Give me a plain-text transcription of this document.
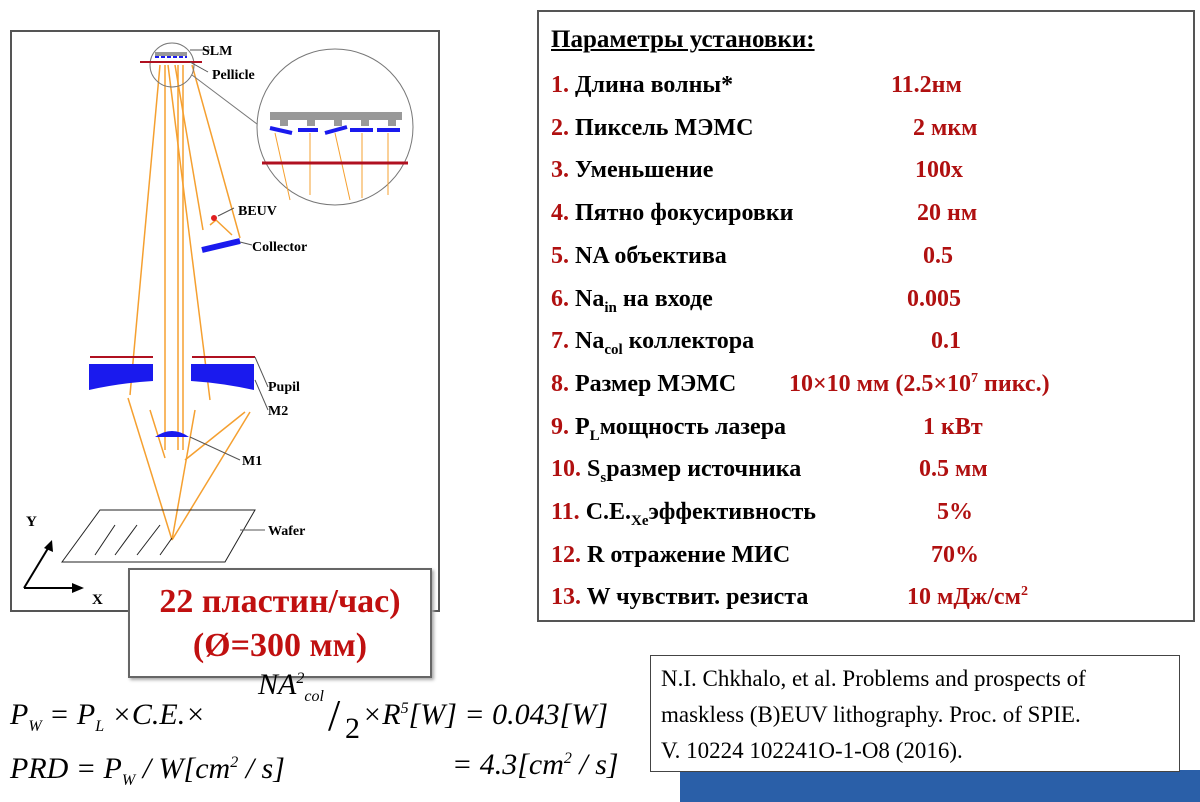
SLM
Pellicle
BEUV
Collector
Pupil
M2
M1
Wafer
Y
X
Параметры установки:
1. Длина волны*	11.2нм
2. Пиксель МЭМС	2 мкм
3. Уменьшение	100x
4. Пятно фокусировки	20 нм
5. NA объектива	0.5
6. $Na_{in}$ на входе	0.005
7. $Na_{col}$ коллектора	0.1
8. Размер МЭМС 10×10 мм ($2.5\times 10^7$ пикс.)
9. $P_Lмощность$ лазера	1 кВт
10. $S_sразмер$ источника	0.5 мм
11. $C.E._{Xe}эффективность$	5%
12. R отражение МИС	70%
13. W чувствит. резиста	10 мДж/$см^2$
22 пластин/час)
(Ø=300 мм)
$P_W = P_L \times C.E.\times$
$NA^2_{col} / 2 \times R^5[W] = 0.043[W]$
PRD = $P_W / W[cm^2 / s]$	= $4.3[cm^2 / s]$
N.I. Chkhalo, et al. Problems and prospects of
maskless (B)EUV lithography. Proc. of SPIE.
V. 10224 102241O-1-O8 (2016).
